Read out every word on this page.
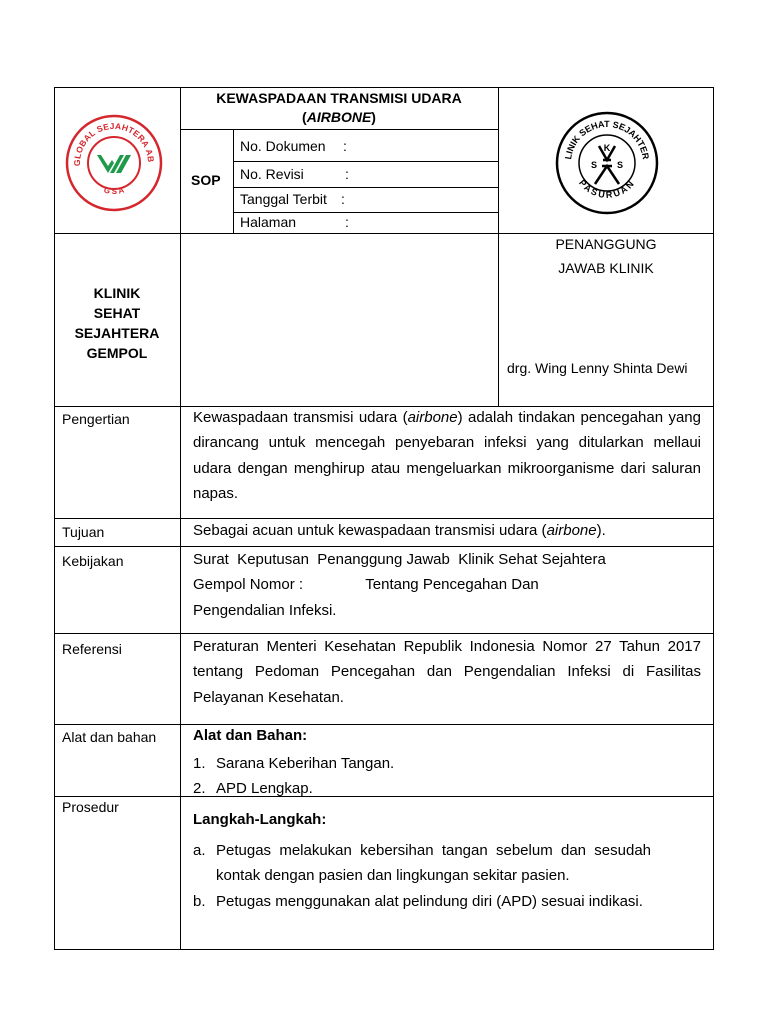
GLOBAL SEJAHTERA AB
G S A
KEWASPADAAN TRANSMISI UDARA
(AIRBONE)
SOP
No. Dokumen :
No. Revisi	:
Tanggal Terbit :
Halaman	:
LINIK SEHAT SEJAHTER
PASURUAN
K
S S
KLINIK
SEHAT
SEJAHTERA
GEMPOL
PENANGGUNG
JAWAB KLINIK
drg. Wing Lenny Shinta Dewi
Pengertian
Tujuan
Kebijakan
Referensi
Alat dan bahan
Prosedur
Kewaspadaan transmisi udara (airbone) adalah tindakan pencegahan yang dirancang untuk mencegah penyebaran infeksi yang ditularkan mellaui udara dengan menghirup atau mengeluarkan mikroorganisme dari saluran napas.
Sebagai acuan untuk kewaspadaan transmisi udara (airbone).
Surat  Keputusan  Penanggung Jawab  Klinik Sehat Sejahtera
Gempol Nomor :               Tentang Pencegahan Dan
Pengendalian Infeksi.
Peraturan Menteri Kesehatan Republik Indonesia Nomor 27 Tahun 2017 tentang Pedoman Pencegahan dan Pengendalian Infeksi di Fasilitas Pelayanan Kesehatan.
Alat dan Bahan:
1. Sarana Keberihan Tangan.
2. APD Lengkap.
Langkah-Langkah:
a. Petugas melakukan kebersihan tangan sebelum dan sesudah kontak dengan pasien dan lingkungan sekitar pasien.
b. Petugas menggunakan alat pelindung diri (APD) sesuai indikasi.
